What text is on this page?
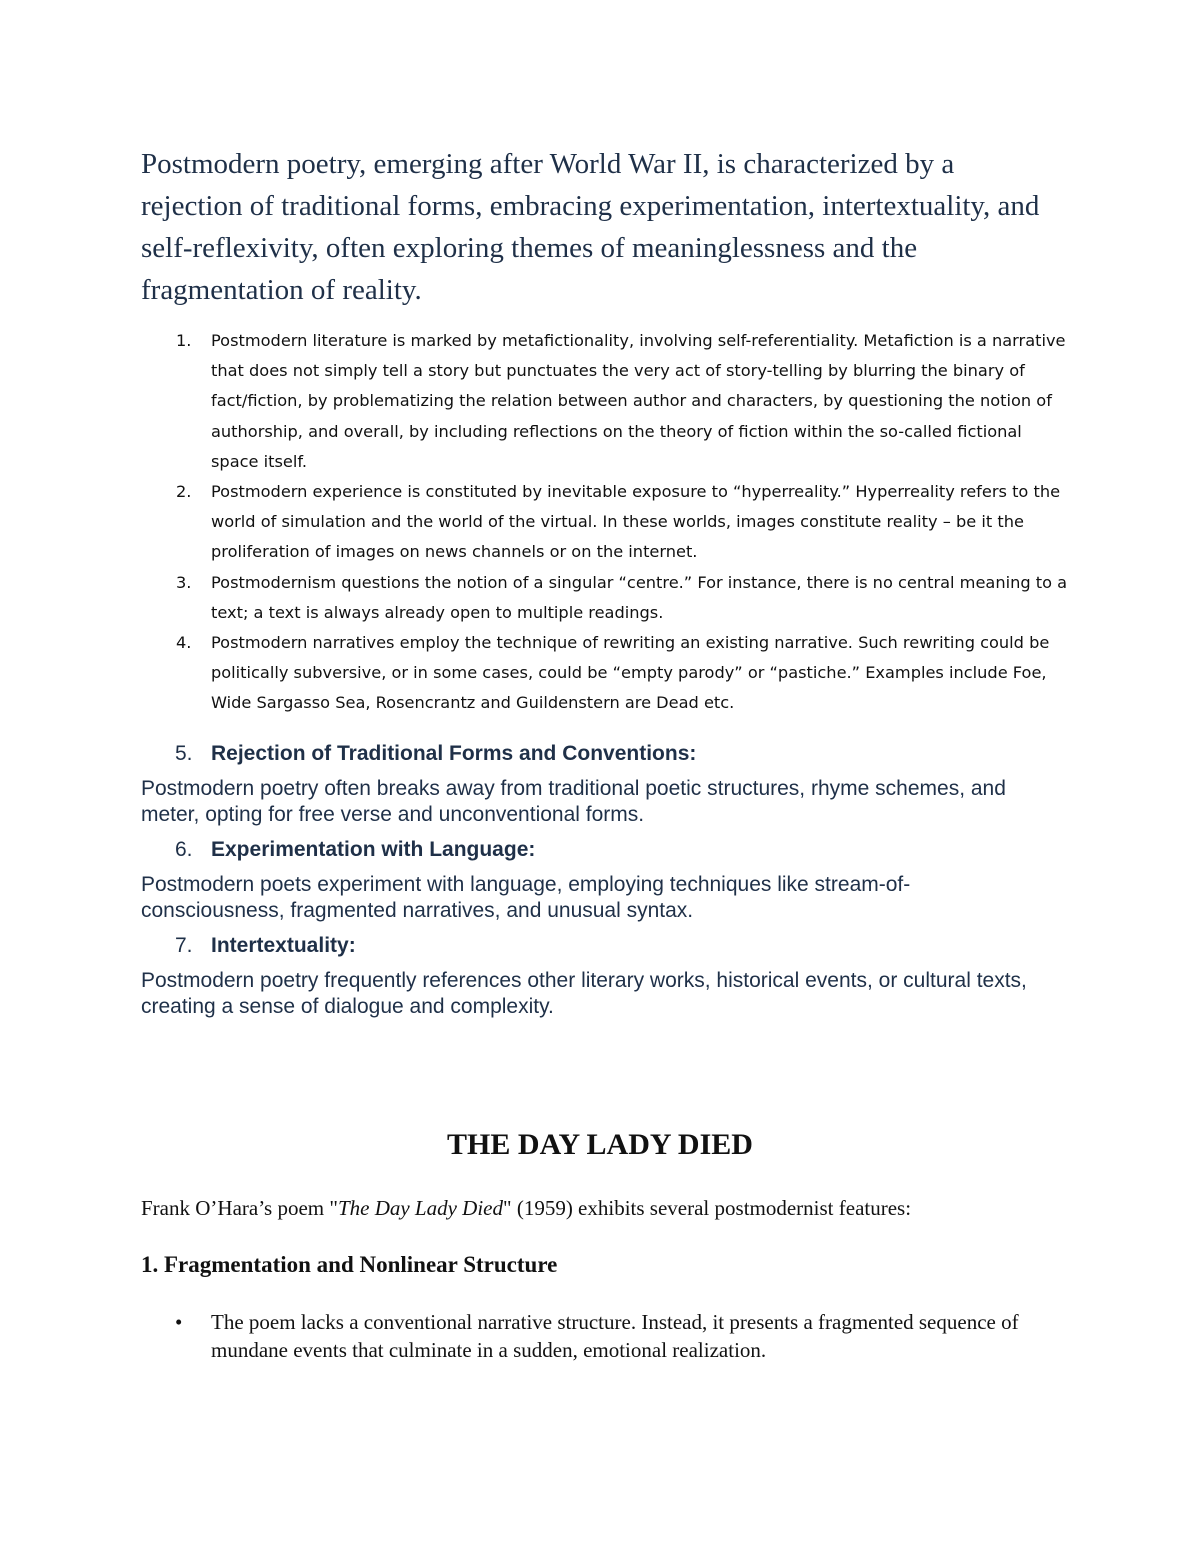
Postmodern poetry, emerging after World War II, is characterized by a rejection of traditional forms, embracing experimentation, intertextuality, and self-reflexivity, often exploring themes of meaninglessness and the fragmentation of reality.

1. Postmodern literature is marked by metafictionality, involving self-referentiality. Metafiction is a narrative that does not simply tell a story but punctuates the very act of story-telling by blurring the binary of fact/fiction, by problematizing the relation between author and characters, by questioning the notion of authorship, and overall, by including reflections on the theory of fiction within the so-called fictional space itself.
2. Postmodern experience is constituted by inevitable exposure to “hyperreality.” Hyperreality refers to the world of simulation and the world of the virtual. In these worlds, images constitute reality – be it the proliferation of images on news channels or on the internet.
3. Postmodernism questions the notion of a singular “centre.” For instance, there is no central meaning to a text; a text is always already open to multiple readings.
4. Postmodern narratives employ the technique of rewriting an existing narrative. Such rewriting could be politically subversive, or in some cases, could be “empty parody” or “pastiche.” Examples include Foe, Wide Sargasso Sea, Rosencrantz and Guildenstern are Dead etc.
5. Rejection of Traditional Forms and Conventions:
Postmodern poetry often breaks away from traditional poetic structures, rhyme schemes, and meter, opting for free verse and unconventional forms.
6. Experimentation with Language:
Postmodern poets experiment with language, employing techniques like stream-of-consciousness, fragmented narratives, and unusual syntax.
7. Intertextuality:
Postmodern poetry frequently references other literary works, historical events, or cultural texts, creating a sense of dialogue and complexity.
THE DAY LADY DIED

Frank O’Hara’s poem "The Day Lady Died" (1959) exhibits several postmodernist features:

1. Fragmentation and Nonlinear Structure
• The poem lacks a conventional narrative structure. Instead, it presents a fragmented sequence of mundane events that culminate in a sudden, emotional realization.
